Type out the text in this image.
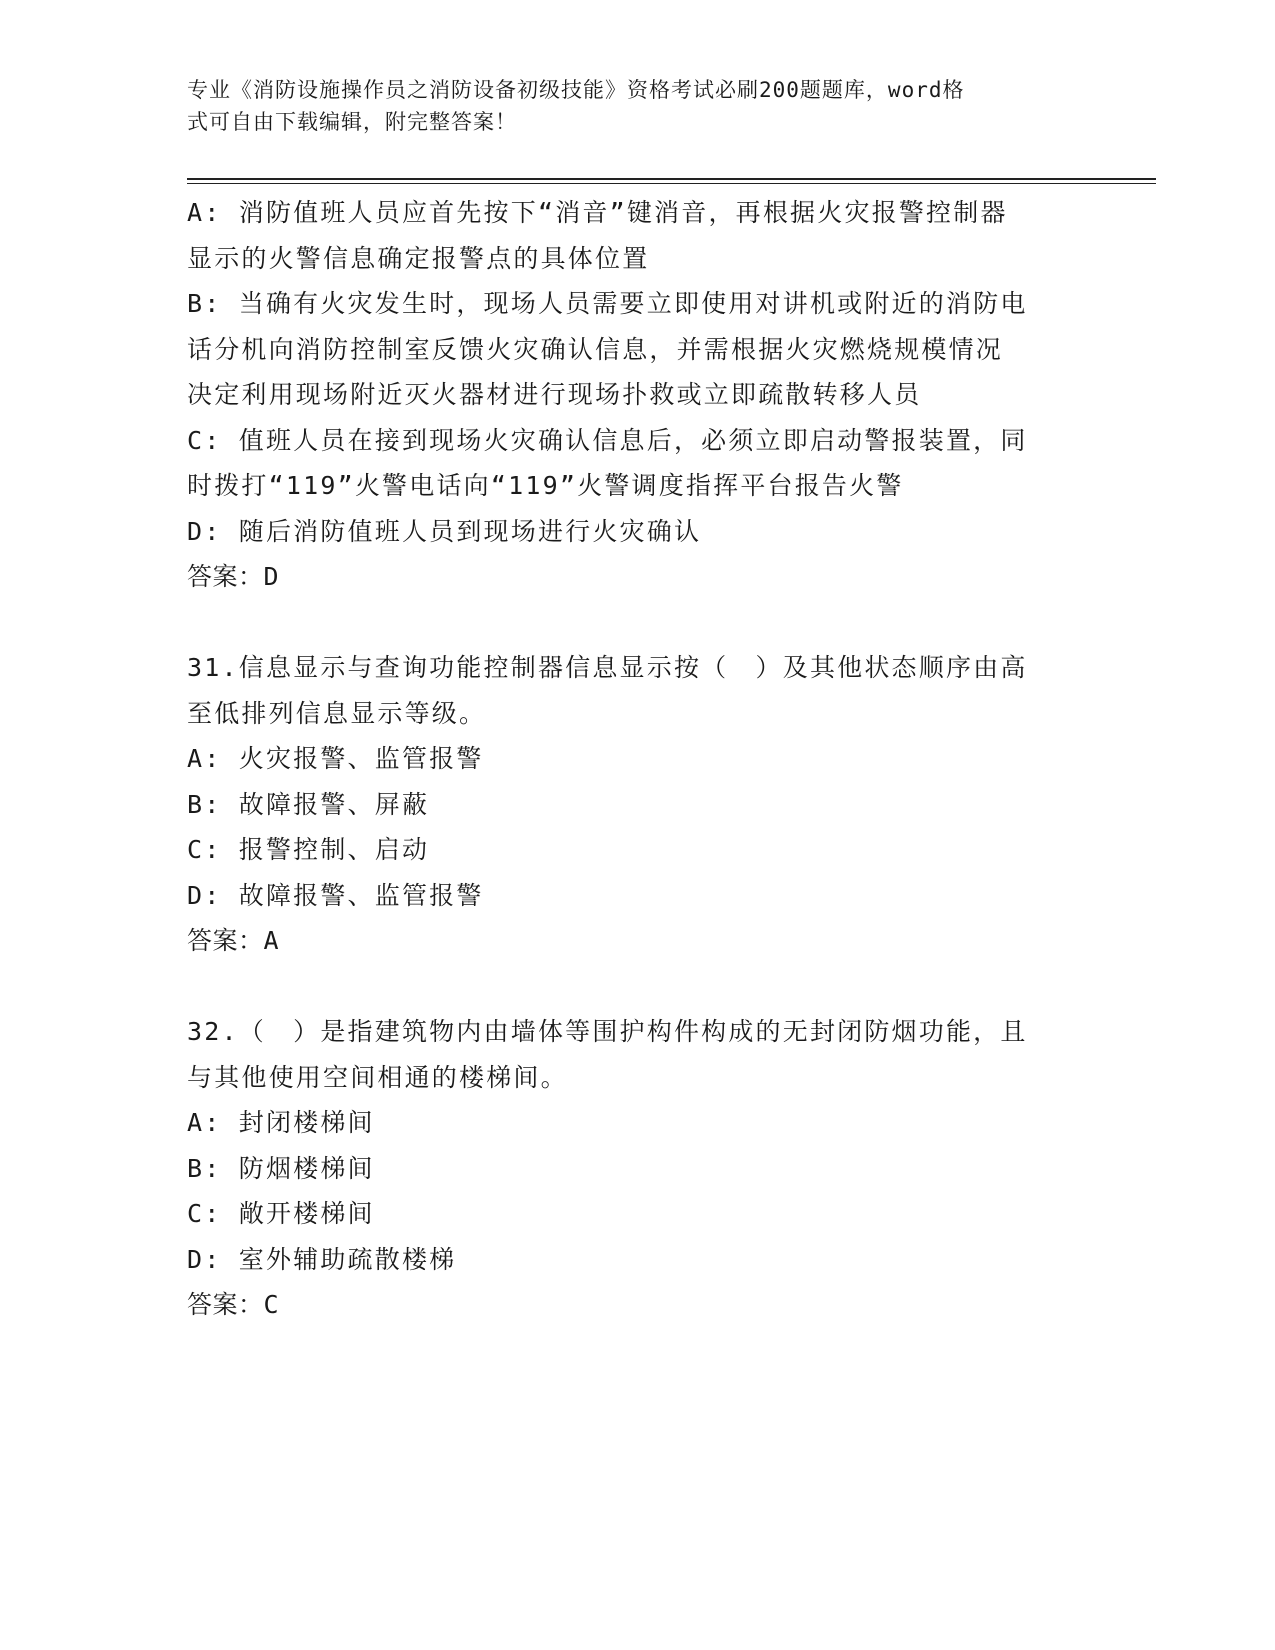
专业《消防设施操作员之消防设备初级技能》资格考试必刷200题题库，word格
式可自由下载编辑，附完整答案！
A: 消防值班人员应首先按下“消音”键消音，再根据火灾报警控制器
显示的火警信息确定报警点的具体位置
B: 当确有火灾发生时，现场人员需要立即使用对讲机或附近的消防电
话分机向消防控制室反馈火灾确认信息，并需根据火灾燃烧规模情况
决定利用现场附近灭火器材进行现场扑救或立即疏散转移人员
C: 值班人员在接到现场火灾确认信息后，必须立即启动警报装置，同
时拨打“119”火警电话向“119”火警调度指挥平台报告火警
D: 随后消防值班人员到现场进行火灾确认
答案：D
31.信息显示与查询功能控制器信息显示按（　）及其他状态顺序由高
至低排列信息显示等级。
A: 火灾报警、监管报警
B: 故障报警、屏蔽
C: 报警控制、启动
D: 故障报警、监管报警
答案：A
32.（　）是指建筑物内由墙体等围护构件构成的无封闭防烟功能，且
与其他使用空间相通的楼梯间。
A: 封闭楼梯间
B: 防烟楼梯间
C: 敞开楼梯间
D: 室外辅助疏散楼梯
答案：C
